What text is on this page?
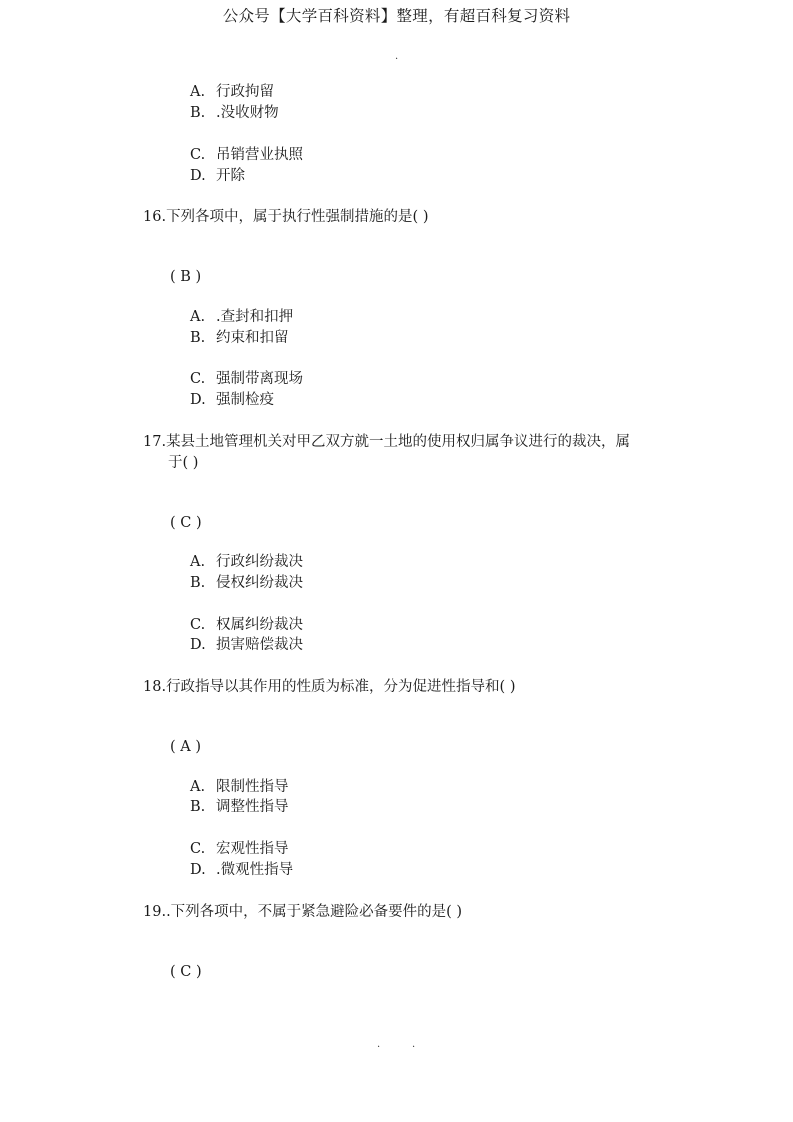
公众号【大学百科资料】整理，有超百科复习资料
.
A. 行政拘留
B. .没收财物
C. 吊销营业执照
D. 开除
16.下列各项中，属于执行性强制措施的是( )
( B )
A. .查封和扣押
B. 约束和扣留
C. 强制带离现场
D. 强制检疫
17.某县土地管理机关对甲乙双方就一土地的使用权归属争议进行的裁决，属
于( )
( C )
A. 行政纠纷裁决
B. 侵权纠纷裁决
C. 权属纠纷裁决
D. 损害赔偿裁决
18.行政指导以其作用的性质为标准，分为促进性指导和( )
( A )
A. 限制性指导
B. 调整性指导
C. 宏观性指导
D. .微观性指导
19..下列各项中，不属于紧急避险必备要件的是( )
( C )
.	.
